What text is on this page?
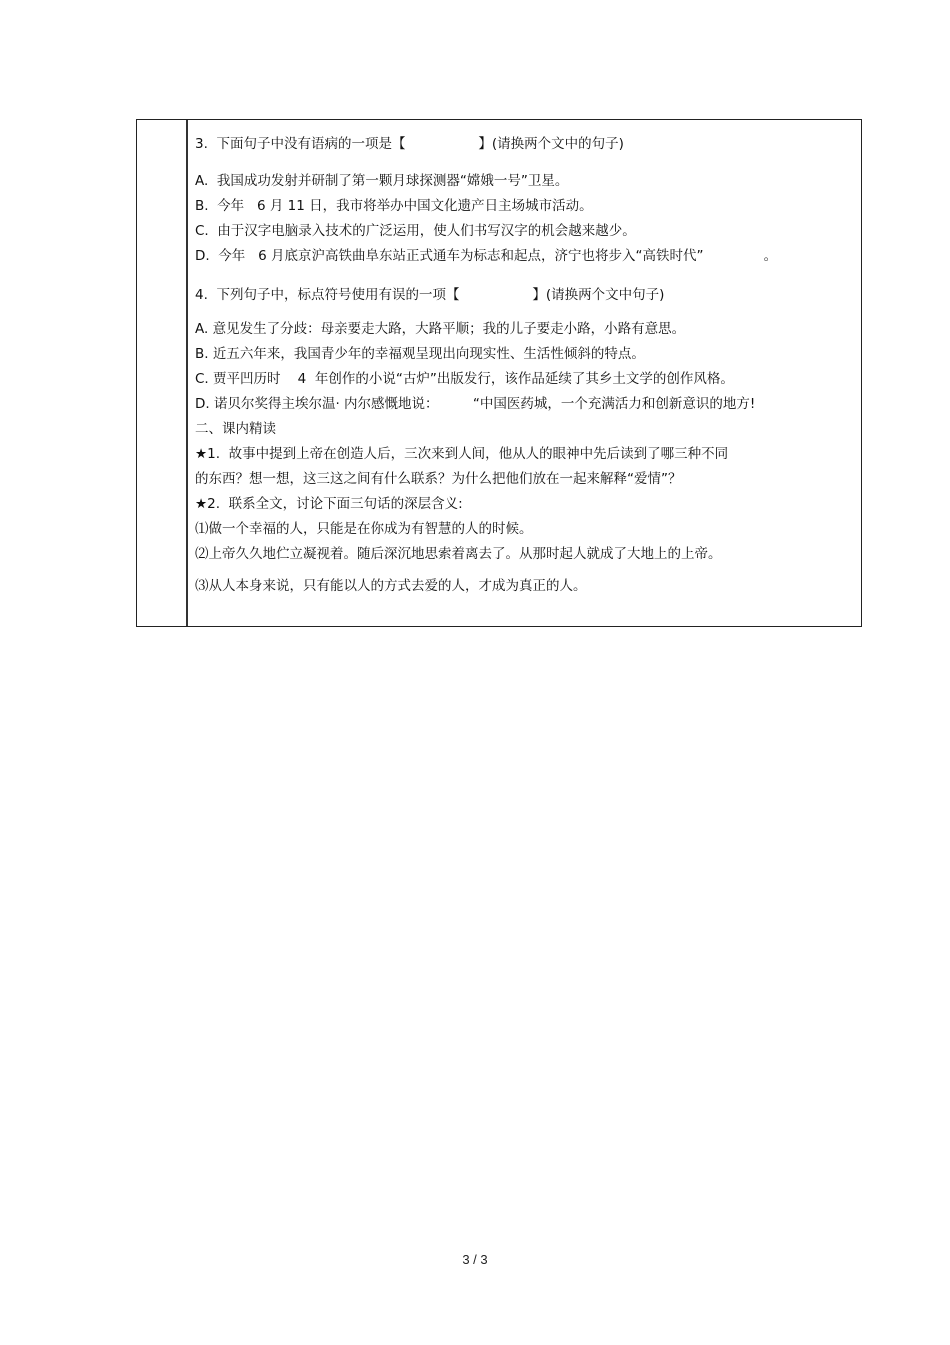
3.  下面句子中没有语病的一项是【                 】(请换两个文中的句子)
A.  我国成功发射并研制了第一颗月球探测器“嫦娥一号”卫星。
B.  今年   6 月 11 日，我市将举办中国文化遗产日主场城市活动。
C.  由于汉字电脑录入技术的广泛运用，使人们书写汉字的机会越来越少。
D.  今年   6 月底京沪高铁曲阜东站正式通车为标志和起点，济宁也将步入“高铁时代”              。
4.  下列句子中，标点符号使用有误的一项【                 】(请换两个文中句子)
A. 意见发生了分歧：母亲要走大路，大路平顺；我的儿子要走小路，小路有意思。
B. 近五六年来，我国青少年的幸福观呈现出向现实性、生活性倾斜的特点。
C. 贾平凹历时    4  年创作的小说“古炉”出版发行，该作品延续了其乡土文学的创作风格。
D. 诺贝尔奖得主埃尔温· 内尔感慨地说：        “中国医药城，一个充满活力和创新意识的地方!
二、课内精读
★1.  故事中提到上帝在创造人后，三次来到人间，他从人的眼神中先后读到了哪三种不同
的东西？想一想，这三这之间有什么联系？为什么把他们放在一起来解释“爱情”？
★2.  联系全文，讨论下面三句话的深层含义:
⑴做一个幸福的人，只能是在你成为有智慧的人的时候。
⑵上帝久久地伫立凝视着。随后深沉地思索着离去了。从那时起人就成了大地上的上帝。
⑶从人本身来说，只有能以人的方式去爱的人，才成为真正的人。
3 / 3
